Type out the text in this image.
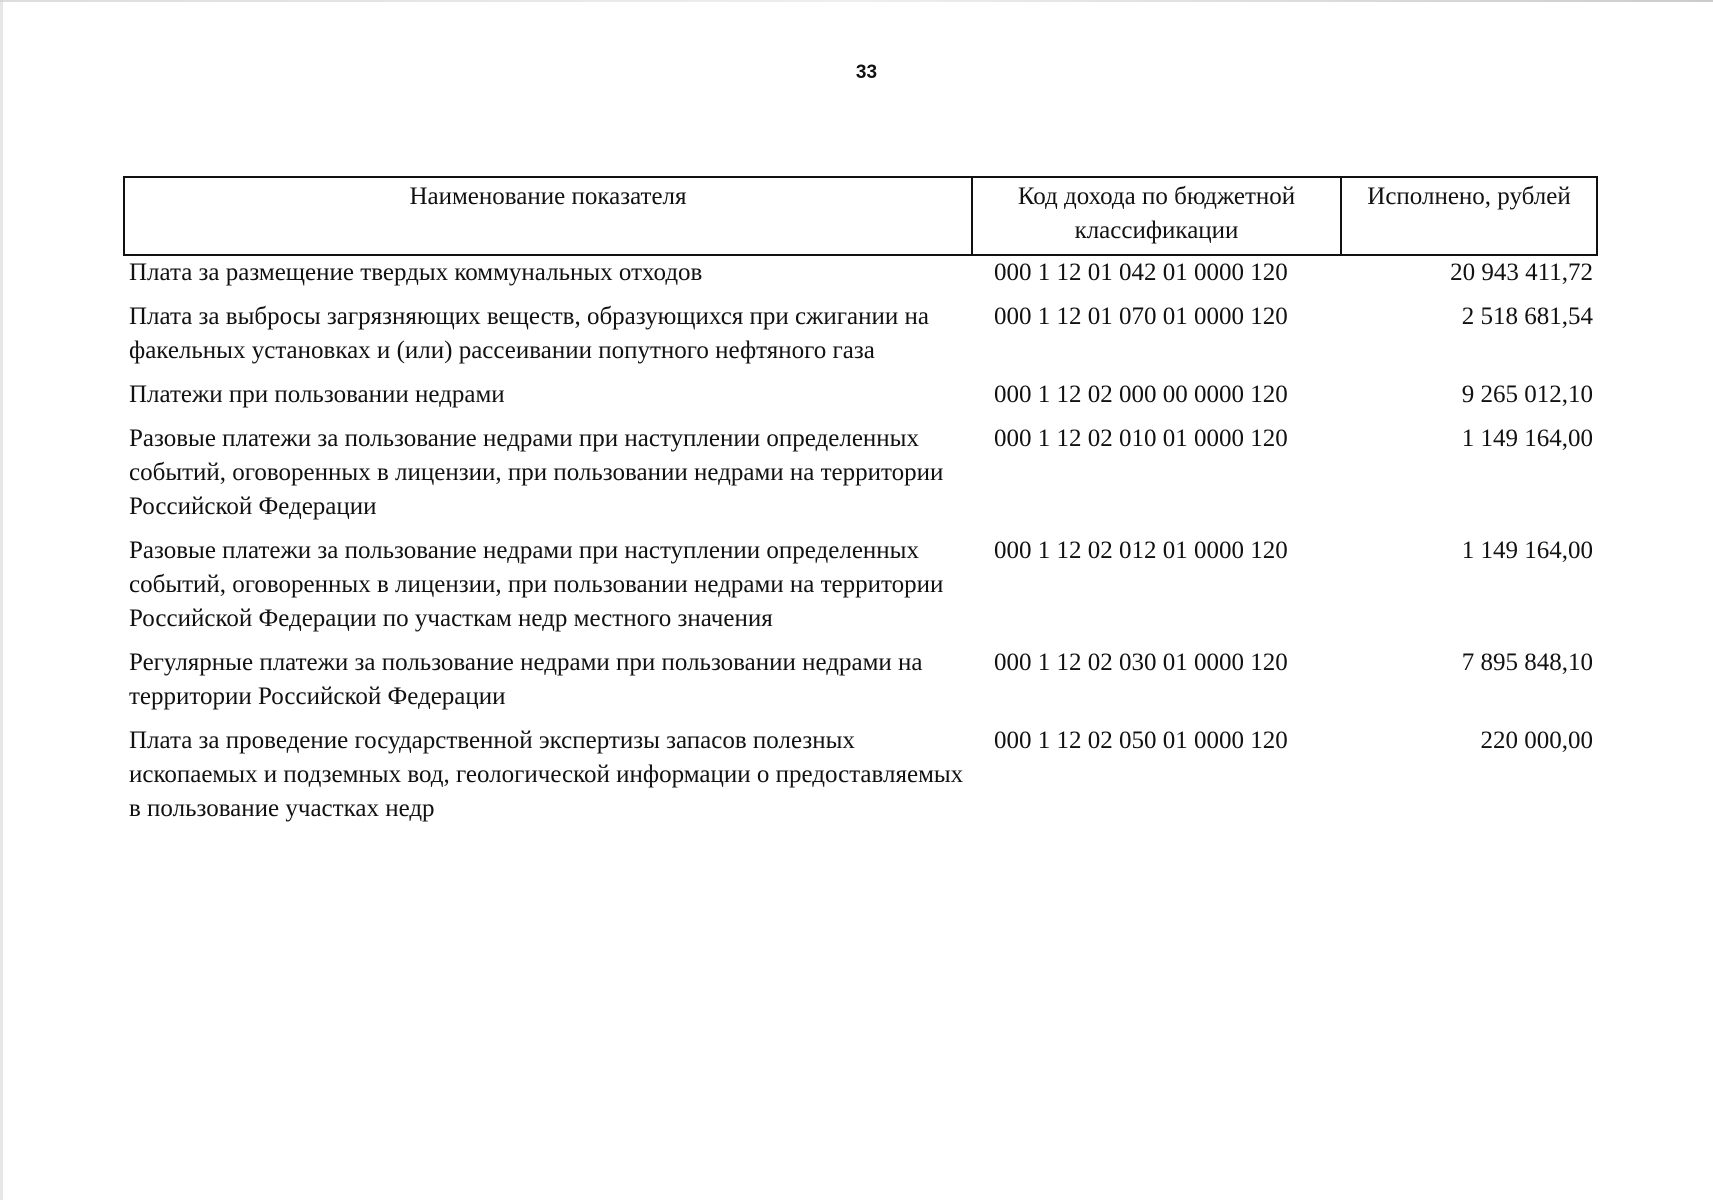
33
Наименование показателя	Код дохода по бюджетной классификации	Исполнено, рублей
Плата за размещение твердых коммунальных отходов	000 1 12 01 042 01 0000 120	20 943 411,72
Плата за выбросы загрязняющих веществ, образующихся при сжигании на факельных установках и (или) рассеивании попутного нефтяного газа	000 1 12 01 070 01 0000 120	2 518 681,54
Платежи при пользовании недрами	000 1 12 02 000 00 0000 120	9 265 012,10
Разовые платежи за пользование недрами при наступлении определенных событий, оговоренных в лицензии, при пользовании недрами на территории Российской Федерации	000 1 12 02 010 01 0000 120	1 149 164,00
Разовые платежи за пользование недрами при наступлении определенных событий, оговоренных в лицензии, при пользовании недрами на территории Российской Федерации по участкам недр местного значения	000 1 12 02 012 01 0000 120	1 149 164,00
Регулярные платежи за пользование недрами при пользовании недрами на территории Российской Федерации	000 1 12 02 030 01 0000 120	7 895 848,10
Плата за проведение государственной экспертизы запасов полезных ископаемых и подземных вод, геологической информации о предоставляемых в пользование участках недр	000 1 12 02 050 01 0000 120	220 000,00
